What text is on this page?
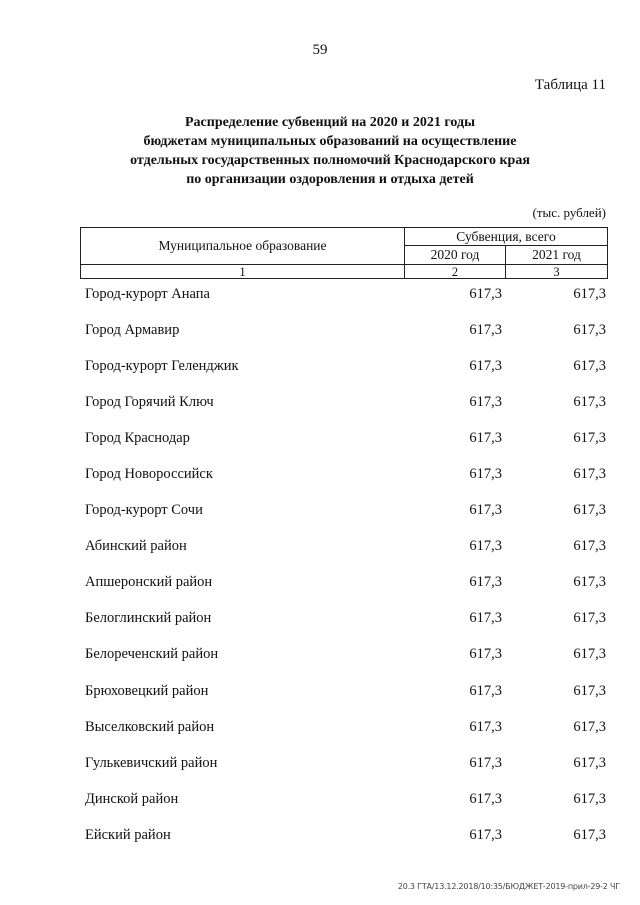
59
Таблица 11
Распределение субвенций на 2020 и 2021 годы
бюджетам муниципальных образований на осуществление
отдельных государственных полномочий Краснодарского края
по организации оздоровления и отдыха детей
(тыс. рублей)
Муниципальное образование	Субвенция, всего	
	2020 год	2021 год
1	2	3
Город-курорт Анапа	617,3	617,3
Город Армавир	617,3	617,3
Город-курорт Геленджик	617,3	617,3
Город Горячий Ключ	617,3	617,3
Город Краснодар	617,3	617,3
Город Новороссийск	617,3	617,3
Город-курорт Сочи	617,3	617,3
Абинский район	617,3	617,3
Апшеронский район	617,3	617,3
Белоглинский район	617,3	617,3
Белореченский район	617,3	617,3
Брюховецкий район	617,3	617,3
Выселковский район	617,3	617,3
Гулькевичский район	617,3	617,3
Динской район	617,3	617,3
Ейский район	617,3	617,3
20.3 ГТА/13.12.2018/10:35/БЮДЖЕТ-2019-прил-29-2 ЧГ
